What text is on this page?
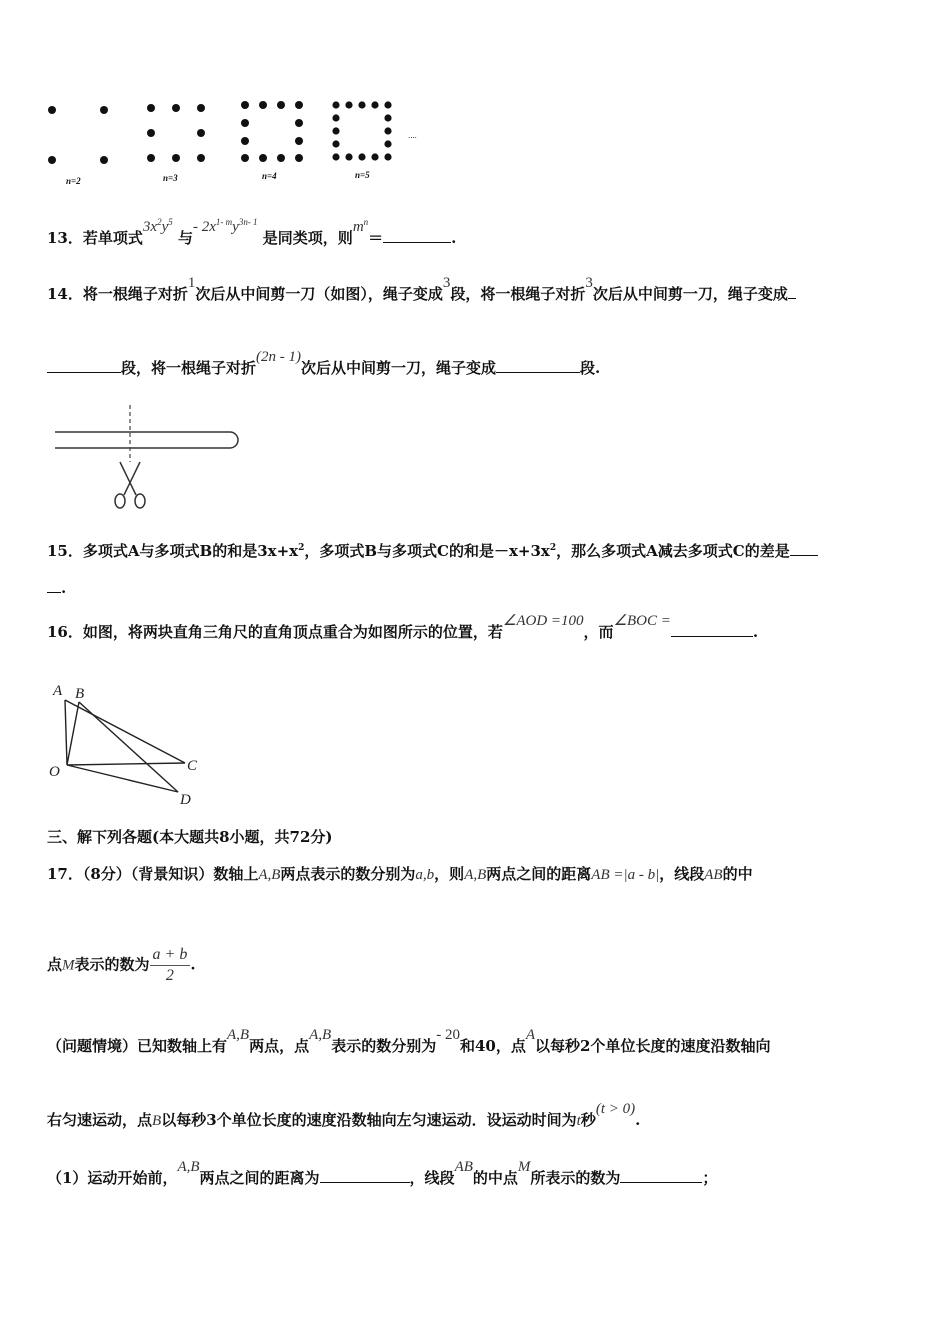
n=2	n=3	n=4	n=5
....
13．若单项式$3x^2y^5$ 与- $2x^{1- m}y^{3n- 1}$ 是同类项，则$m^n=$	.
14．将一根绳子对折1次后从中间剪一刀（如图），绳子变成3段，将一根绳子对折3次后从中间剪一刀，绳子变成
段，将一根绳子对折(2n - 1)次后从中间剪一刀，绳子变成	段.
15．多项式A与多项式B的和是$3x+x^2$，多项式B与多项式C的和是$-x+3x^2$，那么多项式A减去多项式C的差是
.
16．如图，将两块直角三角尺的直角顶点重合为如图所示的位置，若∠AOD =100，而∠BOC =.
A B
O	C
D
三、解下列各题(本大题共8小题，共72分)
17．（8分）（背景知识）数轴上A,B两点表示的数分别为a,b，则A,B两点之间的距离AB =|a - b|，线段AB的中
点M表示的数为 $\frac{a + b}{2}$ .
（问题情境）已知数轴上有A,B两点，点A,B表示的数分别为- 20和40，点A以每秒2个单位长度的速度沿数轴向
右匀速运动，点B以每秒3个单位长度的速度沿数轴向左匀速运动．设运动时间为t秒(t > 0).
（1）运动开始前，A,B两点之间的距离为	，线段AB的中点M所表示的数为	；
